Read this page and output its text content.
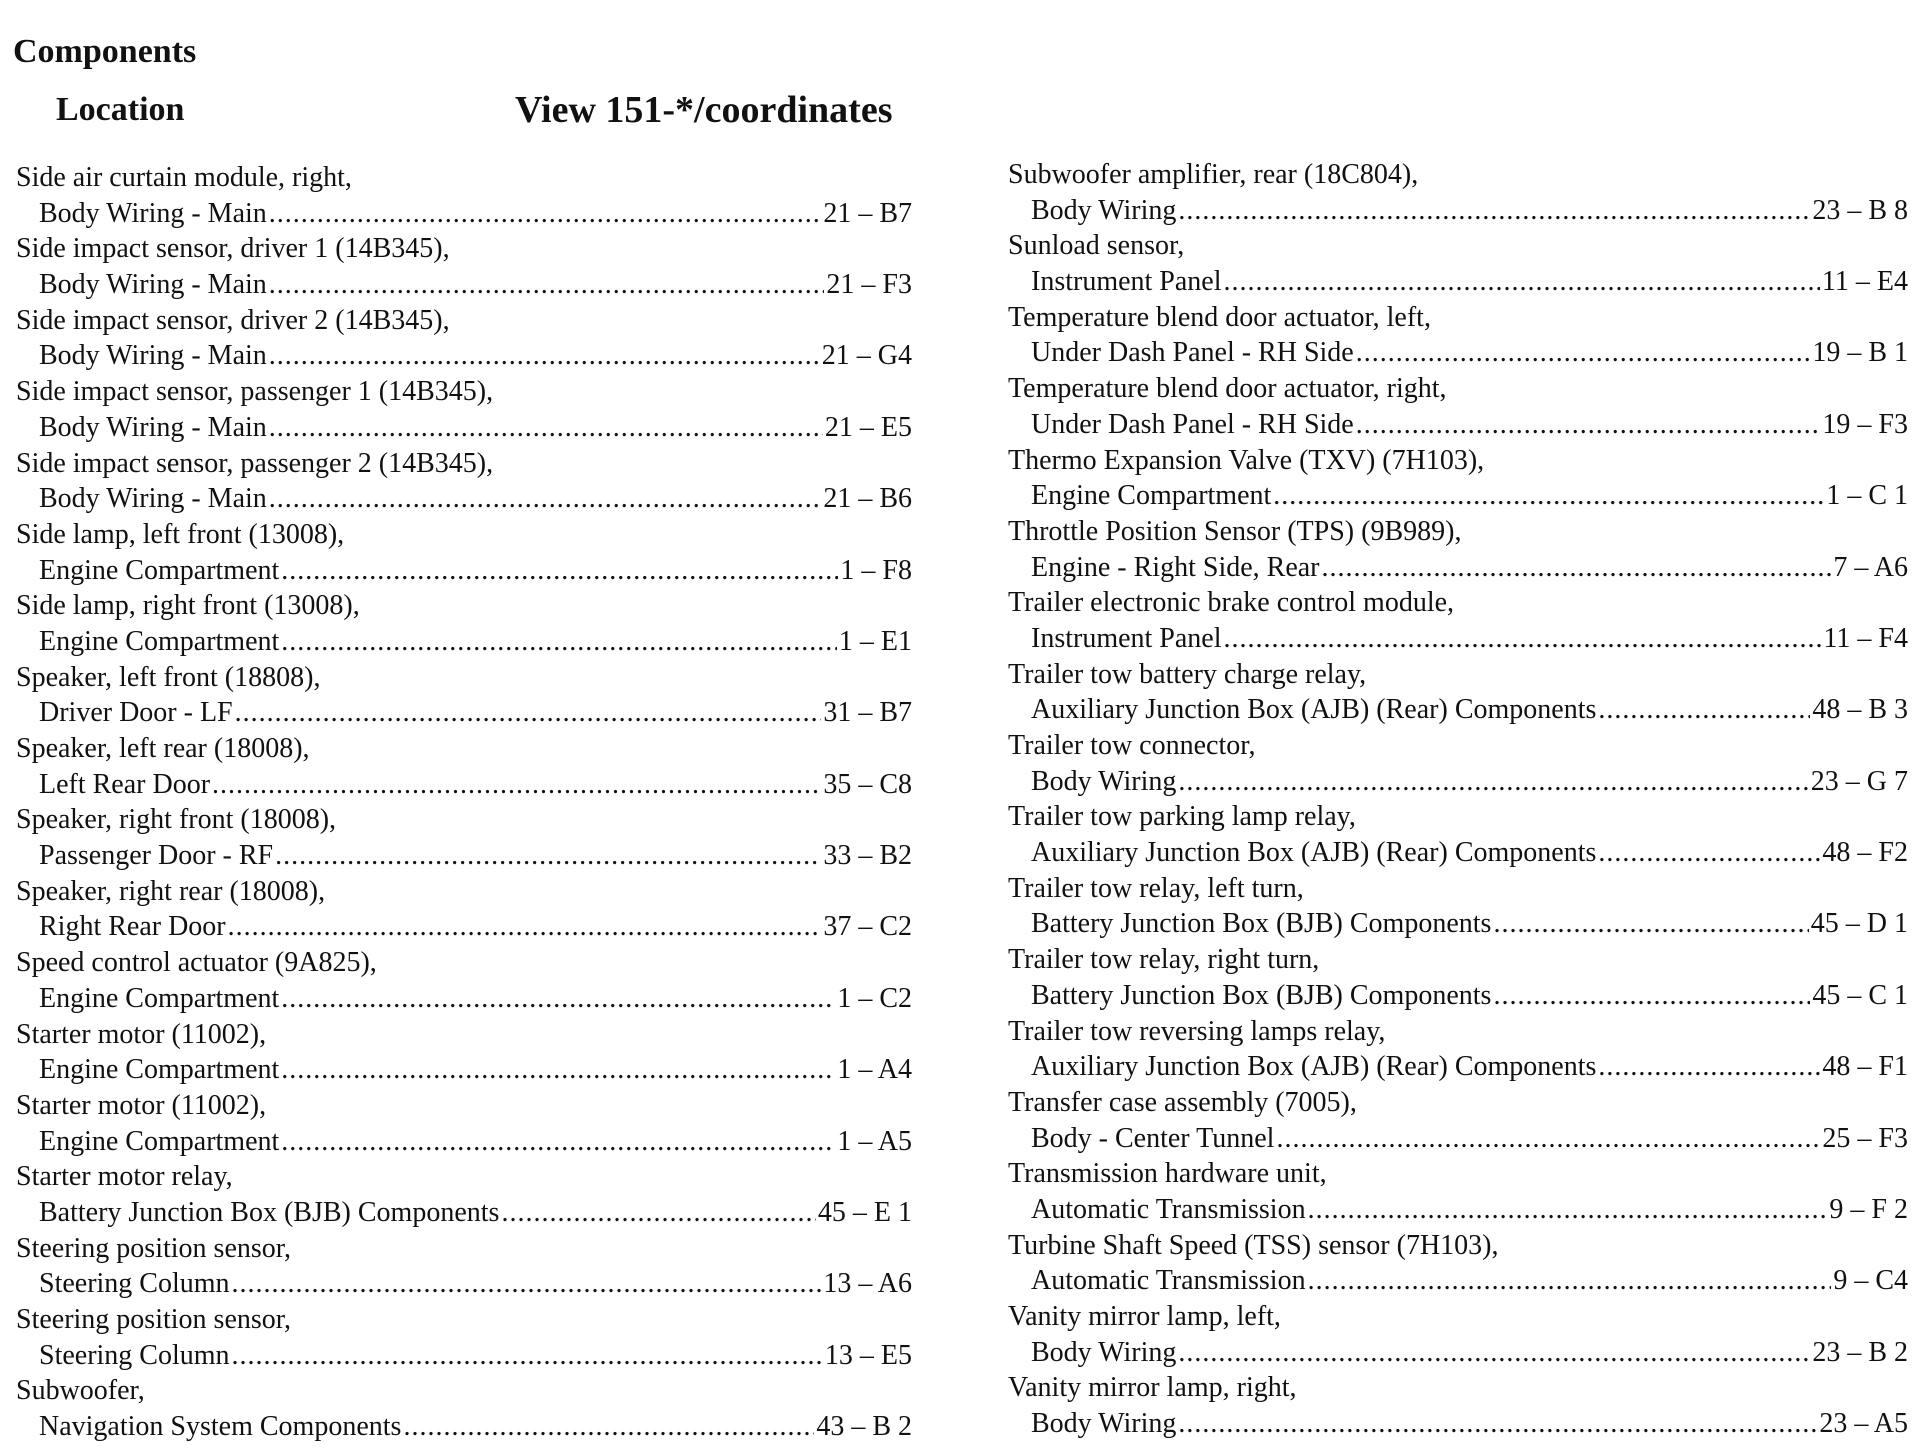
Components
Location	View 151-*/coordinates
Side air curtain module, right,
Body Wiring - Main .....	21 – B7
Side impact sensor, driver 1 (14B345),
Body Wiring - Main .....	21 – F3
Side impact sensor, driver 2 (14B345),
Body Wiring - Main .....	21 – G4
Side impact sensor, passenger 1 (14B345),
Body Wiring - Main .....	21 – E5
Side impact sensor, passenger 2 (14B345),
Body Wiring - Main .....	21 – B6
Side lamp, left front (13008),
Engine Compartment .....	1 – F8
Side lamp, right front (13008),
Engine Compartment .....	1 – E1
Speaker, left front (18808),
Driver Door - LF .....	31 – B7
Speaker, left rear (18008),
Left Rear Door .....	35 – C8
Speaker, right front (18008),
Passenger Door - RF .....	33 – B2
Speaker, right rear (18008),
Right Rear Door .....	37 – C2
Speed control actuator (9A825),
Engine Compartment .....	1 – C2
Starter motor (11002),
Engine Compartment .....	1 – A4
Starter motor (11002),
Engine Compartment .....	1 – A5
Starter motor relay,
Battery Junction Box (BJB) Components .....	45 – E 1
Steering position sensor,
Steering Column .....	13 – A6
Steering position sensor,
Steering Column .....	13 – E5
Subwoofer,
Navigation System Components .....	43 – B 2
Subwoofer amplifier, rear (18C804),
Body Wiring .....	23 – B 8
Sunload sensor,
Instrument Panel .....	11 – E4
Temperature blend door actuator, left,
Under Dash Panel - RH Side .....	19 – B 1
Temperature blend door actuator, right,
Under Dash Panel - RH Side .....	19 – F3
Thermo Expansion Valve (TXV) (7H103),
Engine Compartment .....	1 – C 1
Throttle Position Sensor (TPS) (9B989),
Engine - Right Side, Rear .....	7 – A6
Trailer electronic brake control module,
Instrument Panel .....	11 – F4
Trailer tow battery charge relay,
Auxiliary Junction Box (AJB) (Rear) Components .....	48 – B 3
Trailer tow connector,
Body Wiring .....	23 – G 7
Trailer tow parking lamp relay,
Auxiliary Junction Box (AJB) (Rear) Components .....	48 – F2
Trailer tow relay, left turn,
Battery Junction Box (BJB) Components .....	45 – D 1
Trailer tow relay, right turn,
Battery Junction Box (BJB) Components .....	45 – C 1
Trailer tow reversing lamps relay,
Auxiliary Junction Box (AJB) (Rear) Components .....	48 – F1
Transfer case assembly (7005),
Body - Center Tunnel .....	25 – F3
Transmission hardware unit,
Automatic Transmission .....	9 – F 2
Turbine Shaft Speed (TSS) sensor (7H103),
Automatic Transmission .....	9 – C4
Vanity mirror lamp, left,
Body Wiring .....	23 – B 2
Vanity mirror lamp, right,
Body Wiring .....	23 – A5
